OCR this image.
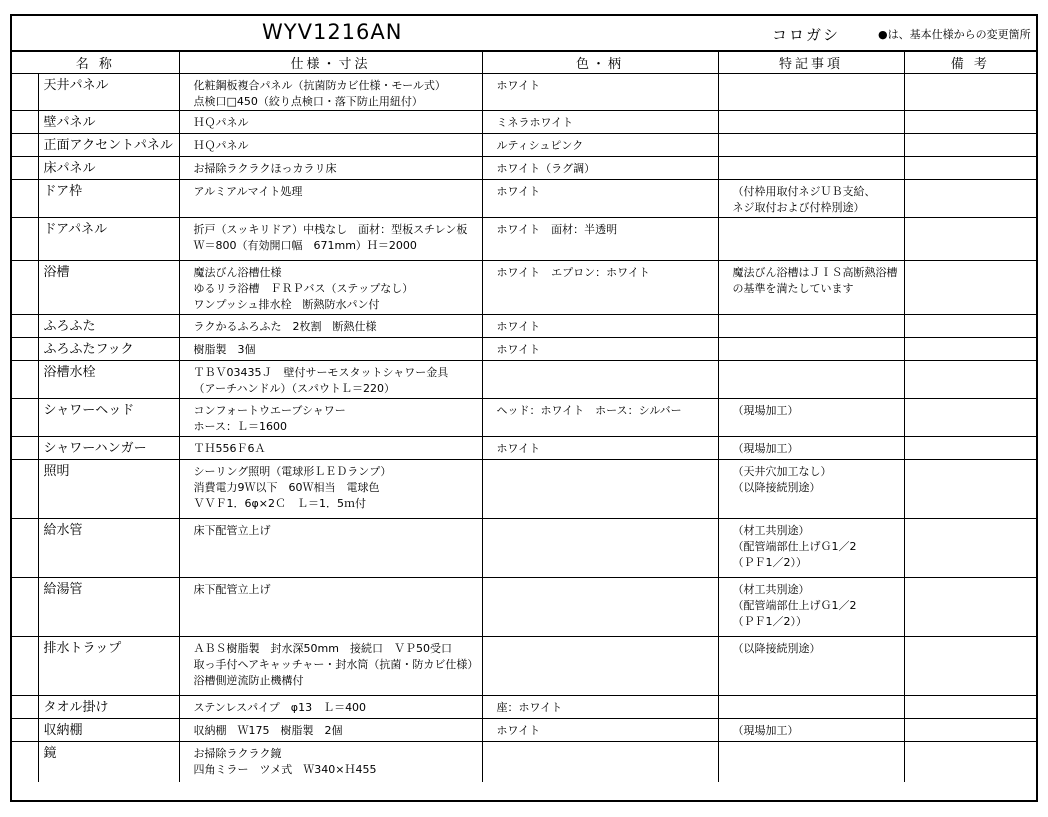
WYV1216AN	コロガシ	●は、基本仕様からの変更箇所
名 称		仕様・寸法	色・柄	特記事項	備 考
	天井パネル	化粧鋼板複合パネル（抗菌防カビ仕様・モール式）
点検口□450（絞り点検口・落下防止用紐付）	ホワイト		

	壁パネル	ＨＱパネル	ミネラホワイト		

	正面アクセントパネル	ＨＱパネル	ルティシュピンク		

	床パネル	お掃除ラクラクほっカラリ床	ホワイト（ラグ調）		

	ドア枠	アルミアルマイト処理	ホワイト	（付枠用取付ネジＵＢ支給、
ネジ取付および付枠別途）	

	ドアパネル	折戸（スッキリドア）中桟なし　面材：型板スチレン板
Ｗ＝800（有効開口幅　671mm）Ｈ＝2000	ホワイト　面材：半透明		

	浴槽	魔法びん浴槽仕様
ゆるリラ浴槽　ＦＲＰバス（ステップなし）
ワンプッシュ排水栓　断熱防水パン付	ホワイト　エプロン：ホワイト	魔法びん浴槽はＪＩＳ高断熱浴槽
の基準を満たしています	

	ふろふた	ラクかるふろふた　2枚割　断熱仕様	ホワイト		

	ふろふたフック	樹脂製　3個	ホワイト		

	浴槽水栓	ＴＢＶ03435Ｊ　壁付サーモスタットシャワー金具
（アーチハンドル）（スパウトＬ＝220）			

	シャワーヘッド	コンフォートウエーブシャワー
ホース：Ｌ＝1600	ヘッド：ホワイト　ホース：シルバー	（現場加工）	

	シャワーハンガー	ＴＨ556Ｆ6Ａ	ホワイト	（現場加工）	

	照明	シーリング照明（電球形ＬＥＤランプ）
消費電力9Ｗ以下　60Ｗ相当　電球色
ＶＶＦ1．6φ×2Ｃ　Ｌ＝1．5ｍ付		（天井穴加工なし）
（以降接続別途）	

	給水管	床下配管立上げ		（材工共別途）
（配管端部仕上げＧ1／2
（ＰＦ1／2））	

	給湯管	床下配管立上げ		（材工共別途）
（配管端部仕上げＧ1／2
（ＰＦ1／2））	

	排水トラップ	ＡＢＳ樹脂製　封水深50mm　接続口　ＶＰ50受口
取っ手付ヘアキャッチャー・封水筒（抗菌・防カビ仕様）
浴槽側逆流防止機構付		（以降接続別途）	

	タオル掛け	ステンレスパイプ　φ13　Ｌ＝400	座：ホワイト		

	収納棚	収納棚　Ｗ175　樹脂製　2個	ホワイト	（現場加工）	

	鏡	お掃除ラクラク鏡
四角ミラー　ツメ式　Ｗ340×Ｈ455			
